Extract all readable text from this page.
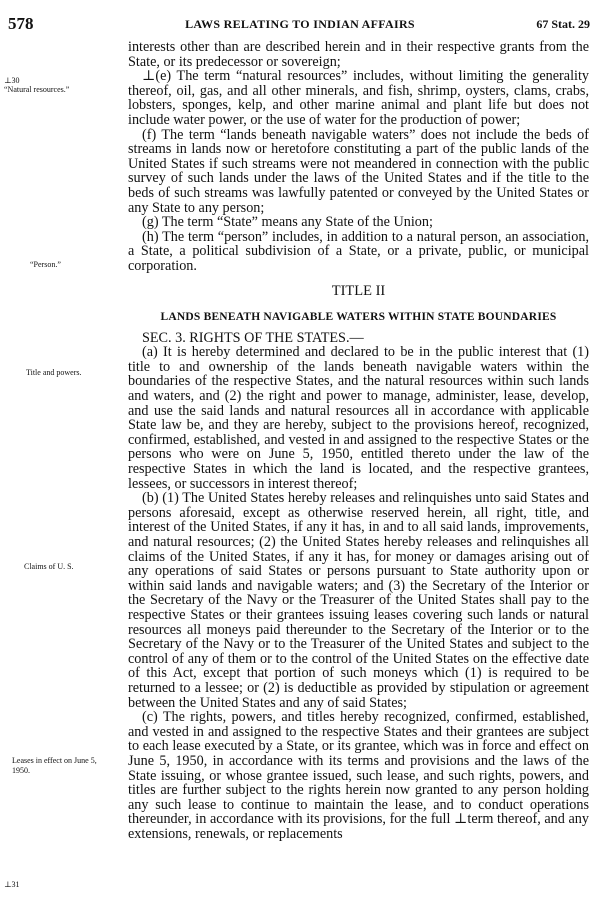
578	LAWS RELATING TO INDIAN AFFAIRS	67 Stat. 29
⊥30
“Natural resources.”
“Person.”
Title and powers.
Claims of U. S.
Leases in effect on June 5, 1950.
⊥31

interests other than are described herein and in their respective grants from the State, or its predecessor or sovereign;

⊥(e) The term “natural resources” includes, without limiting the generality thereof, oil, gas, and all other minerals, and fish, shrimp, oysters, clams, crabs, lobsters, sponges, kelp, and other marine animal and plant life but does not include water power, or the use of water for the production of power;

(f) The term “lands beneath navigable waters” does not include the beds of streams in lands now or heretofore constituting a part of the public lands of the United States if such streams were not meandered in connection with the public survey of such lands under the laws of the United States and if the title to the beds of such streams was lawfully patented or conveyed by the United States or any State to any person;

(g) The term “State” means any State of the Union;

(h) The term “person” includes, in addition to a natural person, an association, a State, a political subdivision of a State, or a private, public, or municipal corporation.

TITLE II
LANDS BENEATH NAVIGABLE WATERS WITHIN STATE BOUNDARIES

SEC. 3. RIGHTS OF THE STATES.—

(a) It is hereby determined and declared to be in the public interest that (1) title to and ownership of the lands beneath navigable waters within the boundaries of the respective States, and the natural resources within such lands and waters, and (2) the right and power to manage, administer, lease, develop, and use the said lands and natural resources all in accordance with applicable State law be, and they are hereby, subject to the provisions hereof, recognized, confirmed, established, and vested in and assigned to the respective States or the persons who were on June 5, 1950, entitled thereto under the law of the respective States in which the land is located, and the respective grantees, lessees, or successors in interest thereof;

(b) (1) The United States hereby releases and relinquishes unto said States and persons aforesaid, except as otherwise reserved herein, all right, title, and interest of the United States, if any it has, in and to all said lands, improvements, and natural resources; (2) the United States hereby releases and relinquishes all claims of the United States, if any it has, for money or damages arising out of any operations of said States or persons pursuant to State authority upon or within said lands and navigable waters; and (3) the Secretary of the Interior or the Secretary of the Navy or the Treasurer of the United States shall pay to the respective States or their grantees issuing leases covering such lands or natural resources all moneys paid thereunder to the Secretary of the Interior or to the Secretary of the Navy or to the Treasurer of the United States and subject to the control of any of them or to the control of the United States on the effective date of this Act, except that portion of such moneys which (1) is required to be returned to a lessee; or (2) is deductible as provided by stipulation or agreement between the United States and any of said States;

(c) The rights, powers, and titles hereby recognized, confirmed, established, and vested in and assigned to the respective States and their grantees are subject to each lease executed by a State, or its grantee, which was in force and effect on June 5, 1950, in accordance with its terms and provisions and the laws of the State issuing, or whose grantee issued, such lease, and such rights, powers, and titles are further subject to the rights herein now granted to any person holding any such lease to continue to maintain the lease, and to conduct operations thereunder, in accordance with its provisions, for the full ⊥term thereof, and any extensions, renewals, or replacements
